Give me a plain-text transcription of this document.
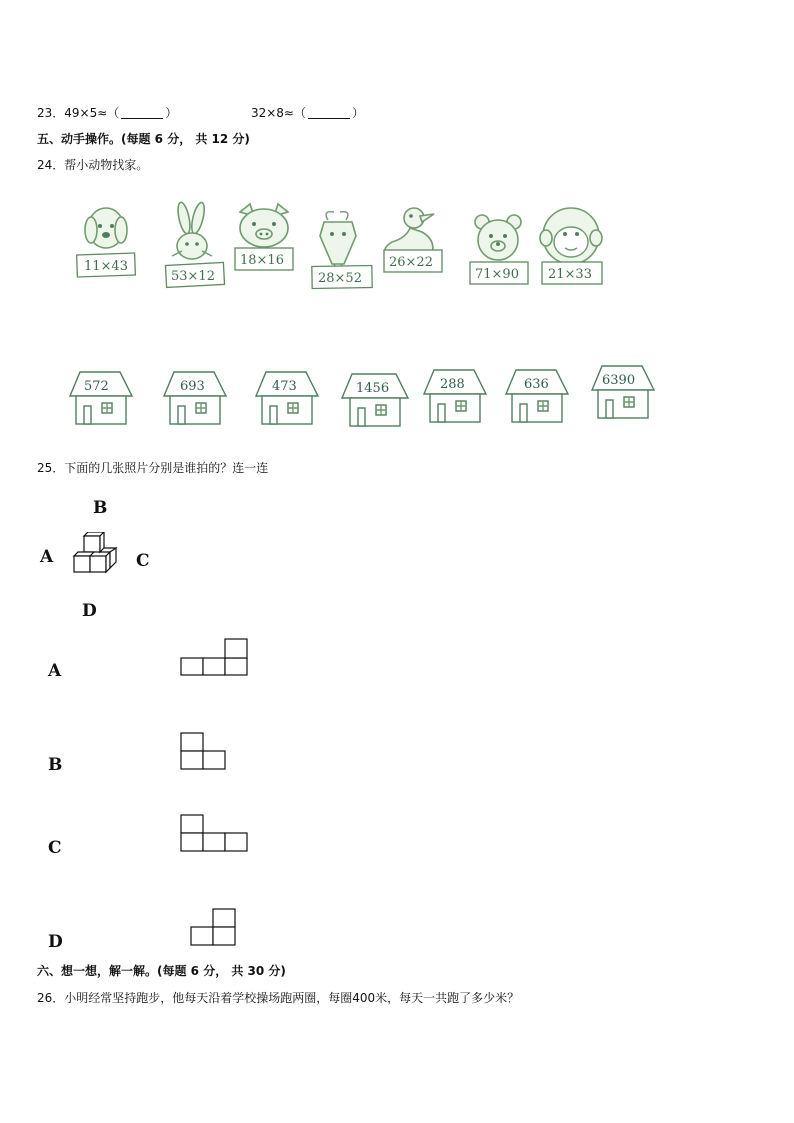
23．49×5≈（	）	32×8≈（	）
五、动手操作。(每题 6 分， 共 12 分)
24．帮小动物找家。
11×43
53×12
18×16
28×52
26×22
71×90 21×33
572	693	473	1456	288	636	6390
25．下面的几张照片分别是谁拍的？连一连
B
A	C
D
A
B
C
D
六、想一想，解一解。(每题 6 分， 共 30 分)
26．小明经常坚持跑步，他每天沿着学校操场跑两圈，每圈400米，每天一共跑了多少米？
